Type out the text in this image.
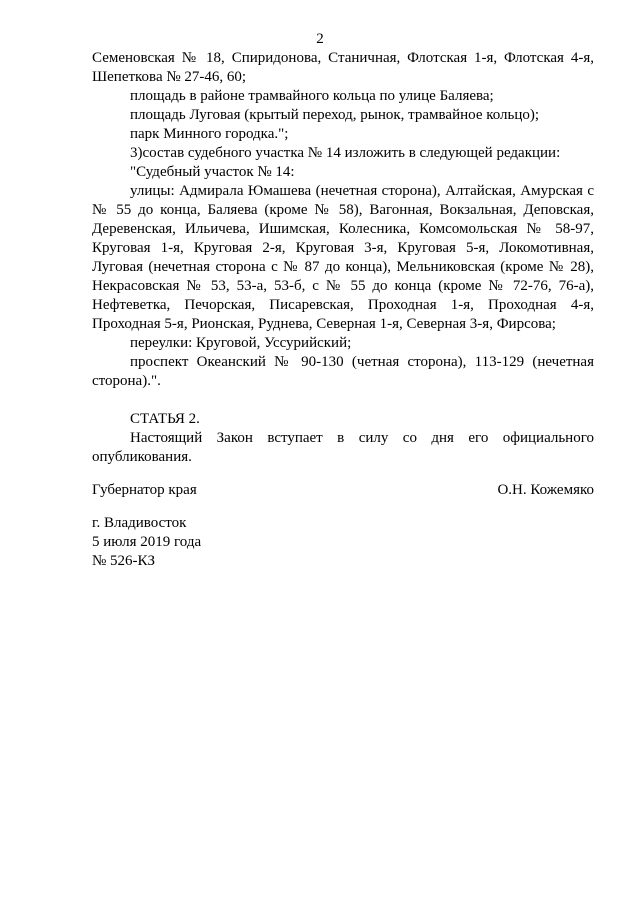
2

Семеновская № 18, Спиридонова, Станичная, Флотская 1-я, Флотская 4-я, Шепеткова № 27-46, 60;

площадь в районе трамвайного кольца по улице Баляева;

площадь Луговая (крытый переход, рынок, трамвайное кольцо);

парк Минного городка.";

3)состав судебного участка № 14 изложить в следующей редакции:

"Судебный участок № 14:

улицы: Адмирала Юмашева (нечетная сторона), Алтайская, Амурская с № 55 до конца, Баляева (кроме № 58), Вагонная, Вокзальная, Деповская, Деревенская, Ильичева, Ишимская, Колесника, Комсомольская № 58-97, Круговая 1-я, Круговая 2-я, Круговая 3-я, Круговая 5-я, Локомотивная, Луговая (нечетная сторона с № 87 до конца), Мельниковская (кроме № 28), Некрасовская № 53, 53-а, 53-б, с № 55 до конца (кроме № 72-76, 76-а), Нефтеветка, Печорская, Писаревская, Проходная 1-я, Проходная 4-я, Проходная 5-я, Рионская, Руднева, Северная 1-я, Северная 3-я, Фирсова;

переулки: Круговой, Уссурийский;

проспект Океанский № 90-130 (четная сторона), 113-129 (нечетная сторона).".

СТАТЬЯ 2.

Настоящий Закон вступает в силу со дня его официального опубликования.

Губернатор края	О.Н. Кожемяко
г. Владивосток
5 июля 2019 года
№ 526-КЗ
